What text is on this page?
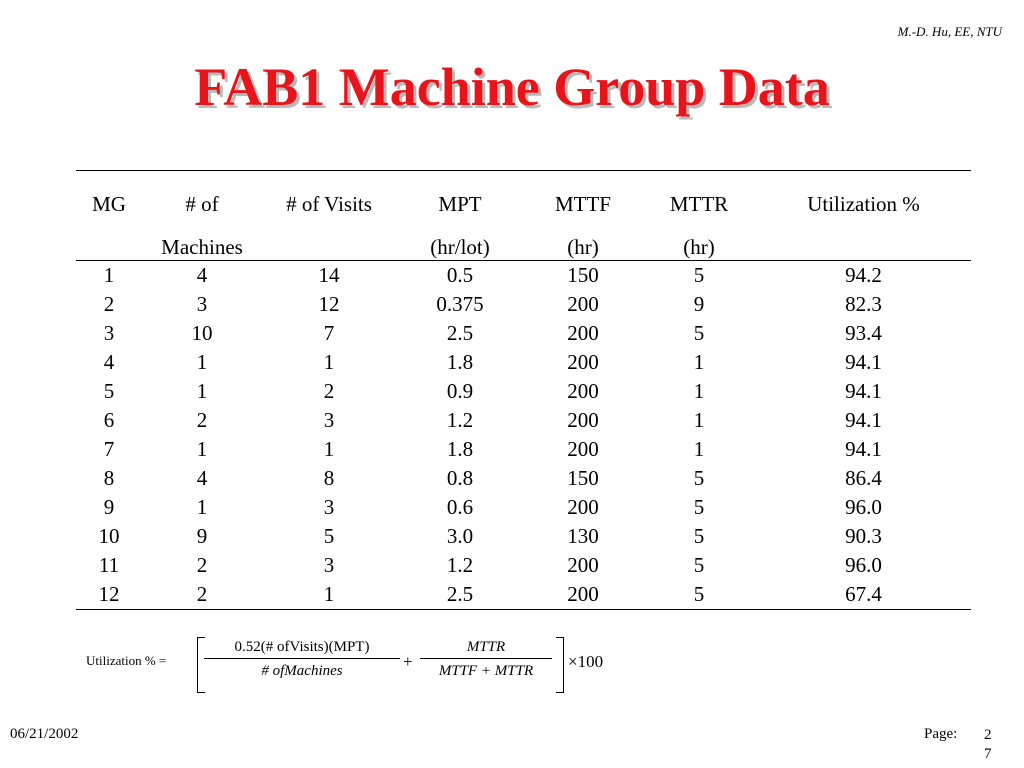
M.-D. Hu, EE, NTU
FAB1 Machine Group Data
MG	# of	# of Visits	MPT	MTTF	MTTR	Utilization %
	Machines		(hr/lot)	(hr)	(hr)	
1	4	14	0.5	150	5	94.2
2	3	12	0.375	200	9	82.3
3	10	7	2.5	200	5	93.4
4	1	1	1.8	200	1	94.1
5	1	2	0.9	200	1	94.1
6	2	3	1.2	200	1	94.1
7	1	1	1.8	200	1	94.1
8	4	8	0.8	150	5	86.4
9	1	3	0.6	200	5	96.0
10	9	5	3.0	130	5	90.3
11	2	3	1.2	200	5	96.0
12	2	1	2.5	200	5	67.4
Utilization % =
0.52(# ofVisits)(MPT)
# ofMachines	+
MTTR
MTTF + MTTR	×100
06/21/2002	Page: 27
